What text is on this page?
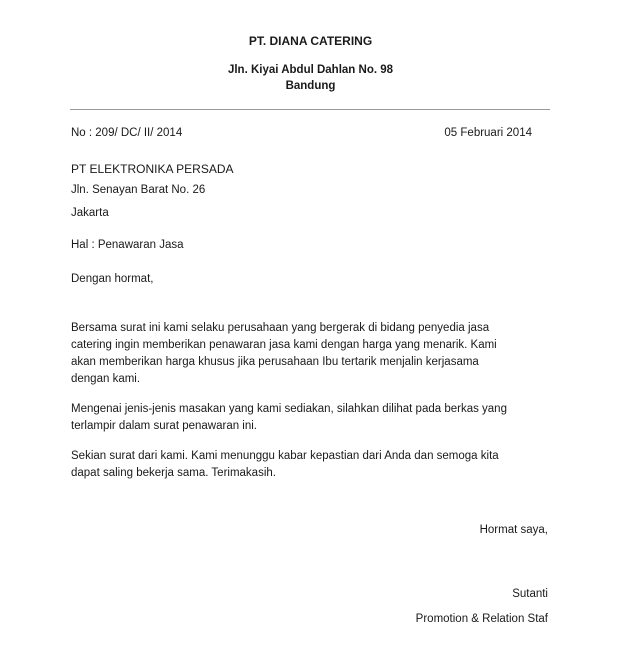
PT. DIANA CATERING
Jln. Kiyai Abdul Dahlan No. 98
Bandung
No : 209/ DC/ II/ 2014	05 Februari 2014
PT ELEKTRONIKA PERSADA
Jln. Senayan Barat No. 26
Jakarta
Hal : Penawaran Jasa
Dengan hormat,
Bersama surat ini kami selaku perusahaan yang bergerak di bidang penyedia jasa
catering ingin memberikan penawaran jasa kami dengan harga yang menarik. Kami
akan memberikan harga khusus jika perusahaan Ibu tertarik menjalin kerjasama
dengan kami.
Mengenai jenis-jenis masakan yang kami sediakan, silahkan dilihat pada berkas yang
terlampir dalam surat penawaran ini.
Sekian surat dari kami. Kami menunggu kabar kepastian dari Anda dan semoga kita
dapat saling bekerja sama. Terimakasih.
Hormat saya,
Sutanti
Promotion & Relation Staf
